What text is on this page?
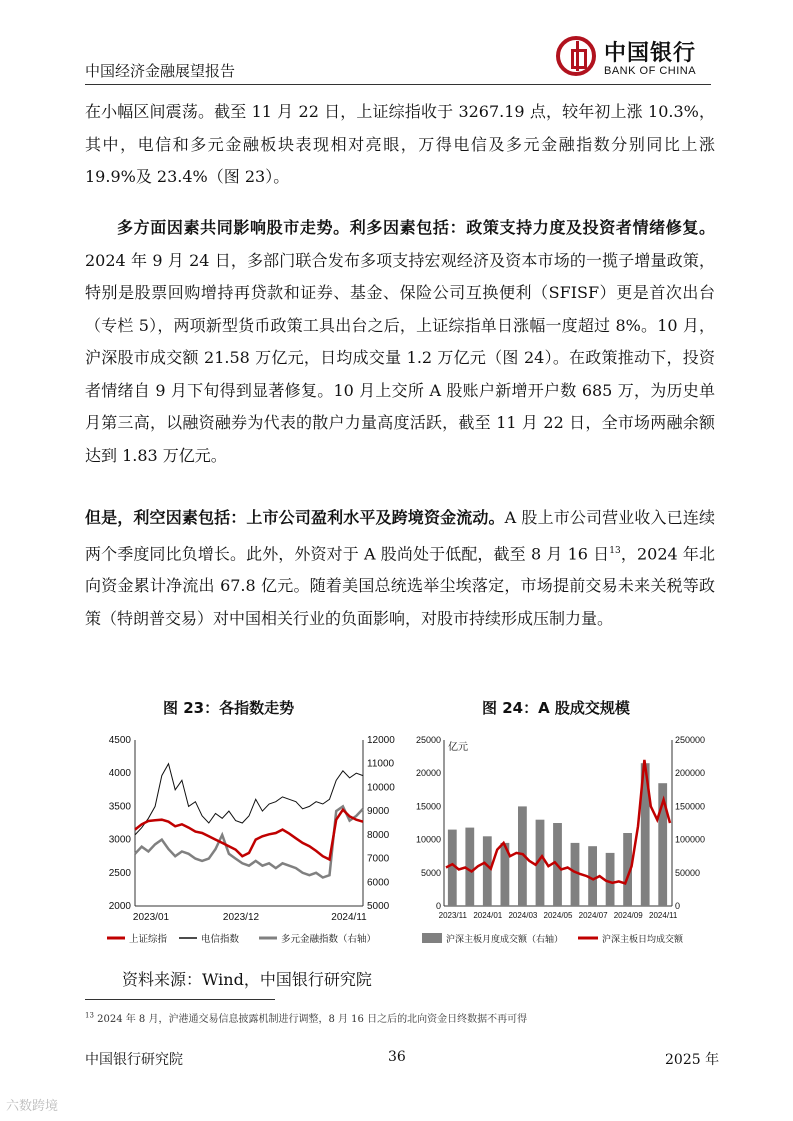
中国银行
BANK OF CHINA
中国经济金融展望报告
在小幅区间震荡。截至 11 月 22 日，上证综指收于 3267.19 点，较年初上涨 10.3%，其中，电信和多元金融板块表现相对亮眼，万得电信及多元金融指数分别同比上涨 19.9%及 23.4%（图 23）。
多方面因素共同影响股市走势。利多因素包括：政策支持力度及投资者情绪修复。2024 年 9 月 24 日，多部门联合发布多项支持宏观经济及资本市场的一揽子增量政策，特别是股票回购增持再贷款和证券、基金、保险公司互换便利（SFISF）更是首次出台（专栏 5），两项新型货币政策工具出台之后，上证综指单日涨幅一度超过 8%。10 月，沪深股市成交额 21.58 万亿元，日均成交量 1.2 万亿元（图 24）。在政策推动下，投资者情绪自 9 月下旬得到显著修复。10 月上交所 A 股账户新增开户数 685 万，为历史单月第三高，以融资融券为代表的散户力量高度活跃，截至 11 月 22 日，全市场两融余额达到 1.83 万亿元。
但是，利空因素包括：上市公司盈利水平及跨境资金流动。A 股上市公司营业收入已连续两个季度同比负增长。此外，外资对于 A 股尚处于低配，截至 8 月 16 日$^{13}$，2024 年北向资金累计净流出 67.8 亿元。随着美国总统选举尘埃落定，市场提前交易未来关税等政策（特朗普交易）对中国相关行业的负面影响，对股市持续形成压制力量。
图 23：各指数走势	图 24：A 股成交规模
2000
2500
3000
3500
4000
4500
5000
6000
7000
8000
9000
10000
11000
12000
2023/01	2023/12	2024/11
上证综指	电信指数	多元金融指数（右轴）
亿元
0
5000
10000
15000
20000
25000
0
50000
100000
150000
200000
250000
2023/11 2024/01 2024/03 2024/05 2024/07 2024/09 2024/11
沪深主板月度成交额（右轴）	沪深主板日均成交额
资料来源：Wind，中国银行研究院
$^{13}$ 2024 年 8 月，沪港通交易信息披露机制进行调整，8 月 16 日之后的北向资金日终数据不再可得
中国银行研究院	36	2025 年
六数跨境
